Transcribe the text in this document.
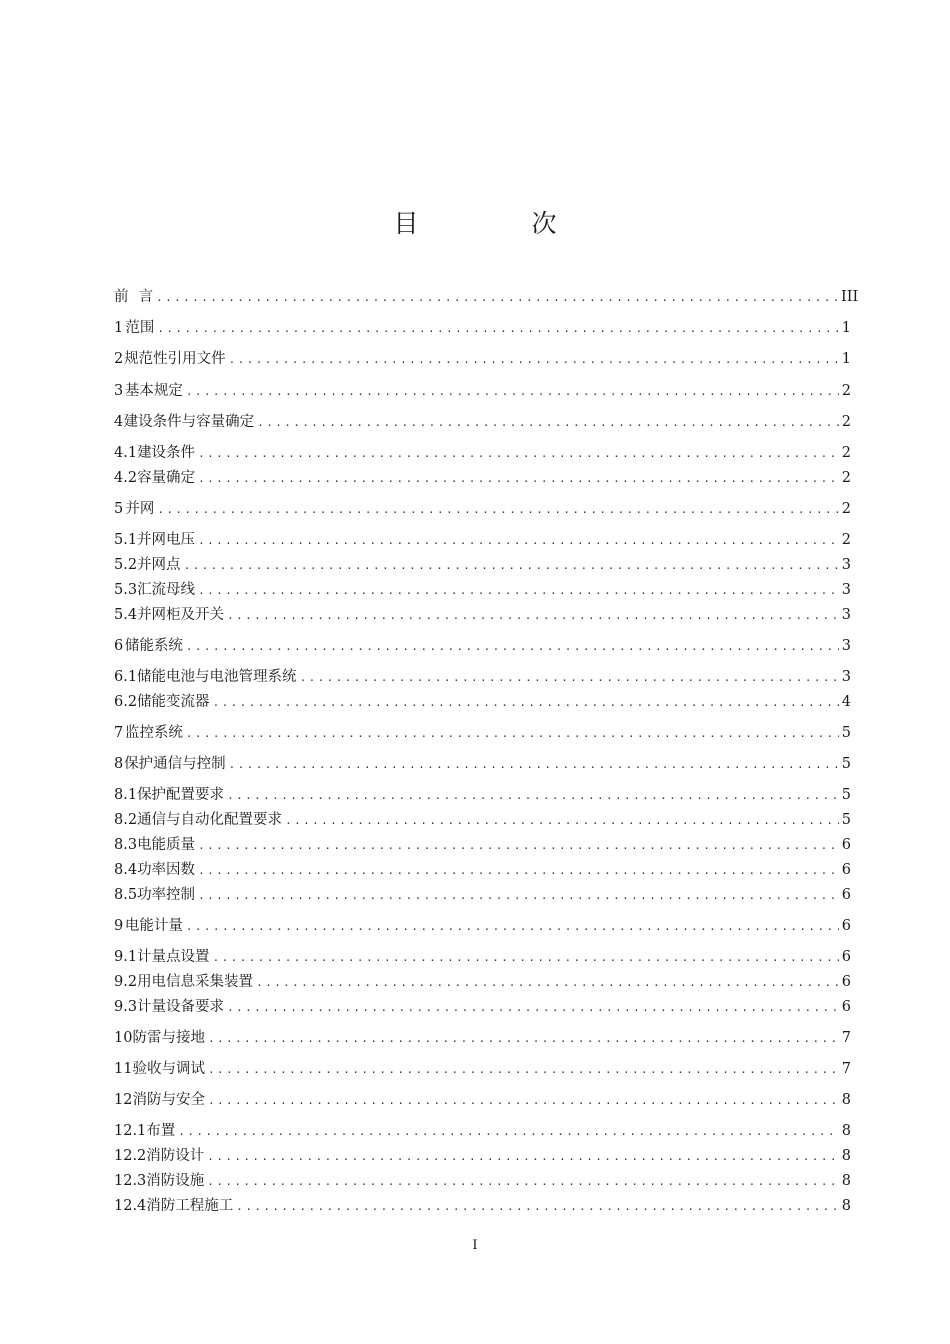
目　次
前 言 .....	III
1 范围 .....	1
2 规范性引用文件 .....	1
3 基本规定 .....	2
4 建设条件与容量确定 .....	2
4.1 建设条件 .....	2
4.2 容量确定 .....	2
5 并网 .....	2
5.1 并网电压 .....	2
5.2 并网点 .....	3
5.3 汇流母线 .....	3
5.4 并网柜及开关 .....	3
6 储能系统 .....	3
6.1 储能电池与电池管理系统 .....	3
6.2 储能变流器 .....	4
7 监控系统 .....	5
8 保护通信与控制 .....	5
8.1 保护配置要求 .....	5
8.2 通信与自动化配置要求 .....	5
8.3 电能质量 .....	6
8.4 功率因数 .....	6
8.5 功率控制 .....	6
9 电能计量 .....	6
9.1 计量点设置 .....	6
9.2 用电信息采集装置 .....	6
9.3 计量设备要求 .....	6
10 防雷与接地 .....	7
11 验收与调试 .....	7
12 消防与安全 .....	8
12.1 布置 .....	8
12.2 消防设计 .....	8
12.3 消防设施 .....	8
12.4 消防工程施工 .....	8
I
